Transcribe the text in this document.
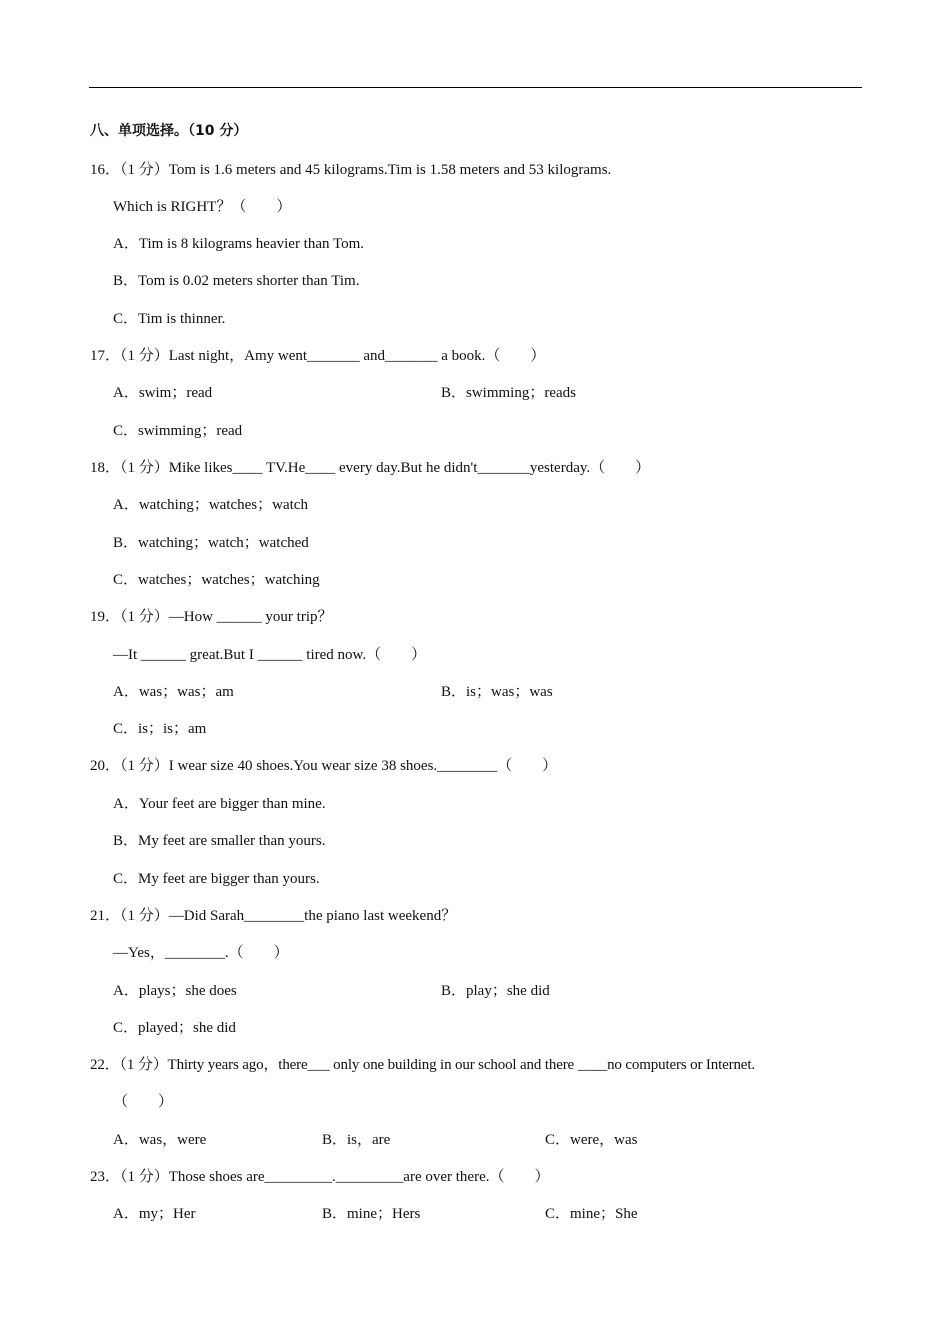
八、单项选择。（10 分）
16．（1 分）Tom is 1.6 meters and 45 kilograms.Tim is 1.58 meters and 53 kilograms.
Which is RIGHT？（　　）
A．Tim is 8 kilograms heavier than Tom.
B．Tom is 0.02 meters shorter than Tim.
C．Tim is thinner.
17．（1 分）Last night，Amy went_______ and_______ a book.（　　）
A．swim；read	B．swimming；reads
C．swimming；read
18．（1 分）Mike likes____ TV.He____ every day.But he didn't_______yesterday.（　　）
A．watching；watches；watch
B．watching；watch；watched
C．watches；watches；watching
19．（1 分）—How ______ your trip？
—It ______ great.But I ______ tired now.（　　）
A．was；was；am	B．is；was；was
C．is；is；am
20．（1 分）I wear size 40 shoes.You wear size 38 shoes.________（　　）
A．Your feet are bigger than mine.
B．My feet are smaller than yours.
C．My feet are bigger than yours.
21．（1 分）—Did Sarah________the piano last weekend？
—Yes，________.（　　）
A．plays；she does	B．play；she did
C．played；she did
22．（1 分）Thirty years ago，there___ only one building in our school and there ____no computers or Internet.
（　　）
A．was，were	B．is，are	C．were，was
23．（1 分）Those shoes are_________._________are over there.（　　）
A．my；Her	B．mine；Hers	C．mine；She
